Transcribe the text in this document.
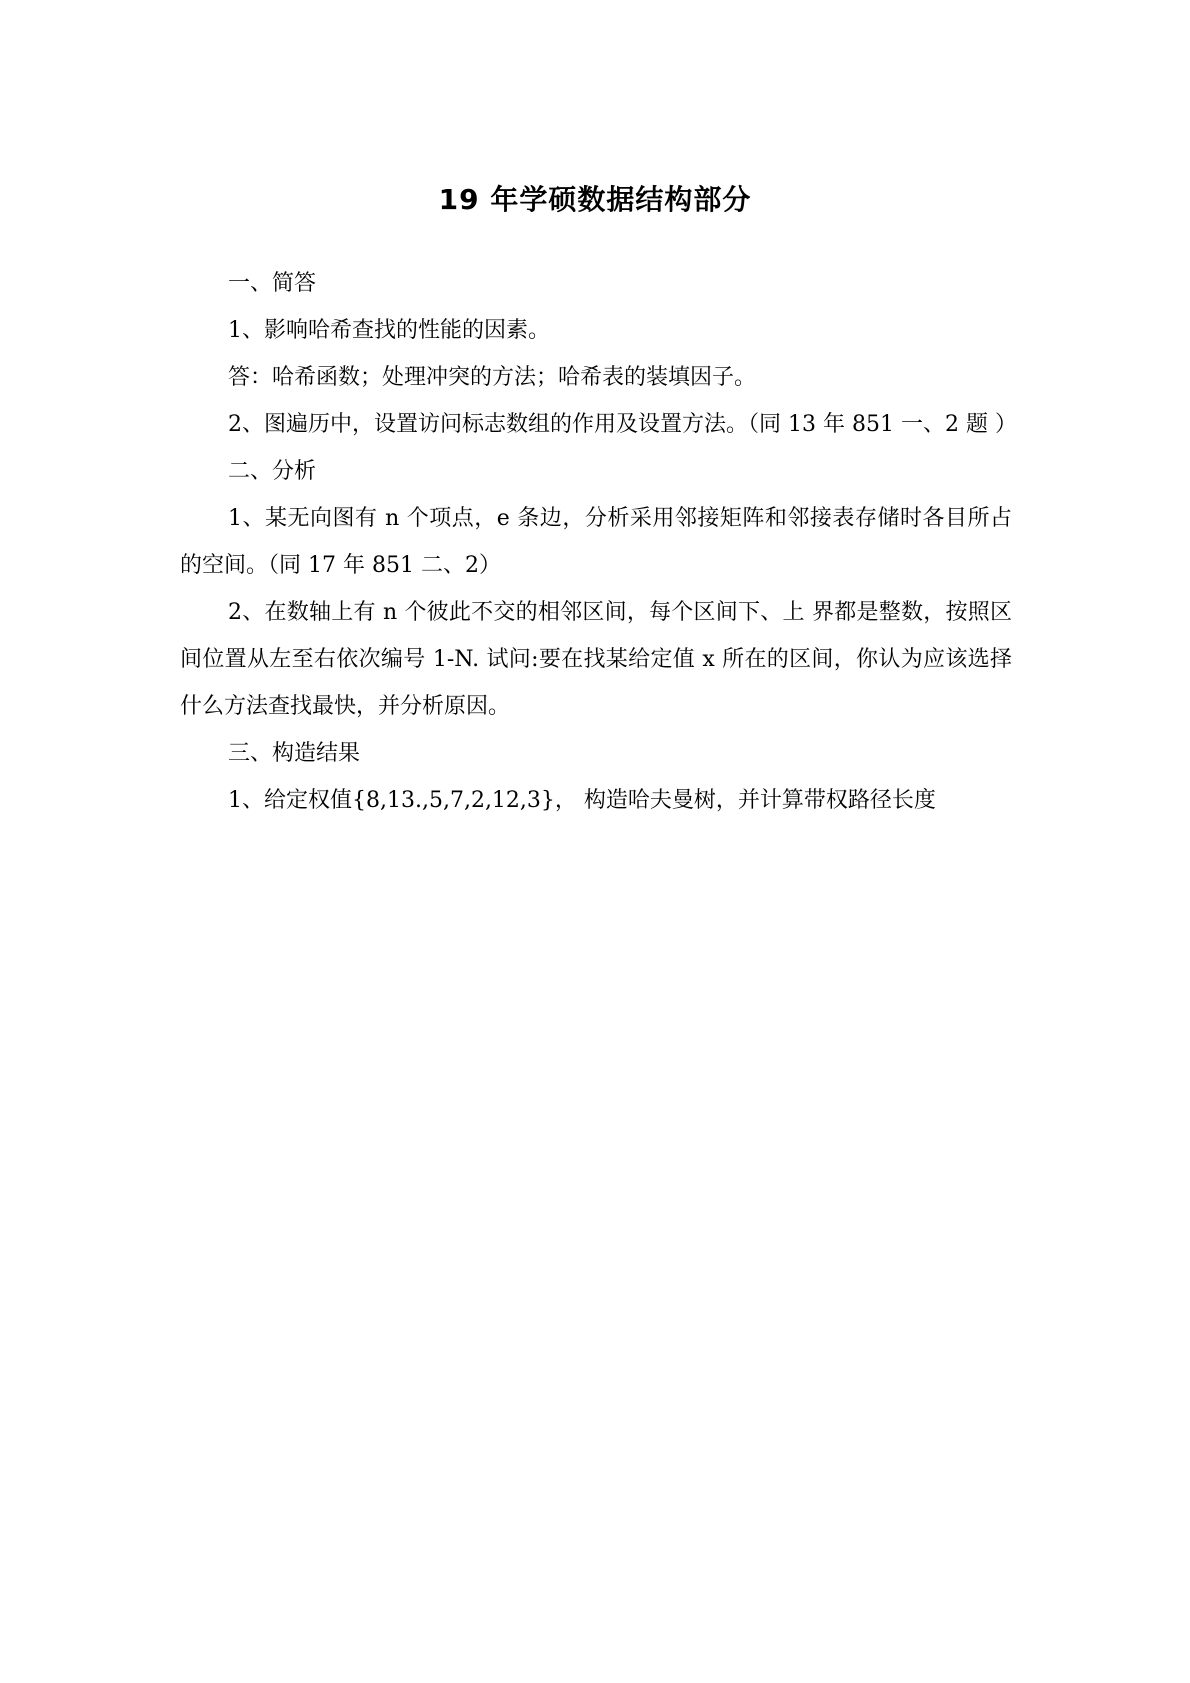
19 年学硕数据结构部分

一、简答

1、影响哈希查找的性能的因素。

答：哈希函数；处理冲突的方法；哈希表的装填因子。

2、图遍历中，设置访问标志数组的作用及设置方法。（同 13 年 851 一、2 题 ）

二、分析

1、某无向图有 n 个项点，e 条边，分析采用邻接矩阵和邻接表存储时各目所占的空间。（同 17 年 851 二、2）

2、在数轴上有 n 个彼此不交的相邻区间，每个区间下、上 界都是整数，按照区间位置从左至右依次编号 1-N. 试问:要在找某给定值 x 所在的区间，你认为应该选择什么方法查找最快，并分析原因。

三、构造结果

1、给定权值{8,13.,5,7,2,12,3}， 构造哈夫曼树，并计算带权路径长度
